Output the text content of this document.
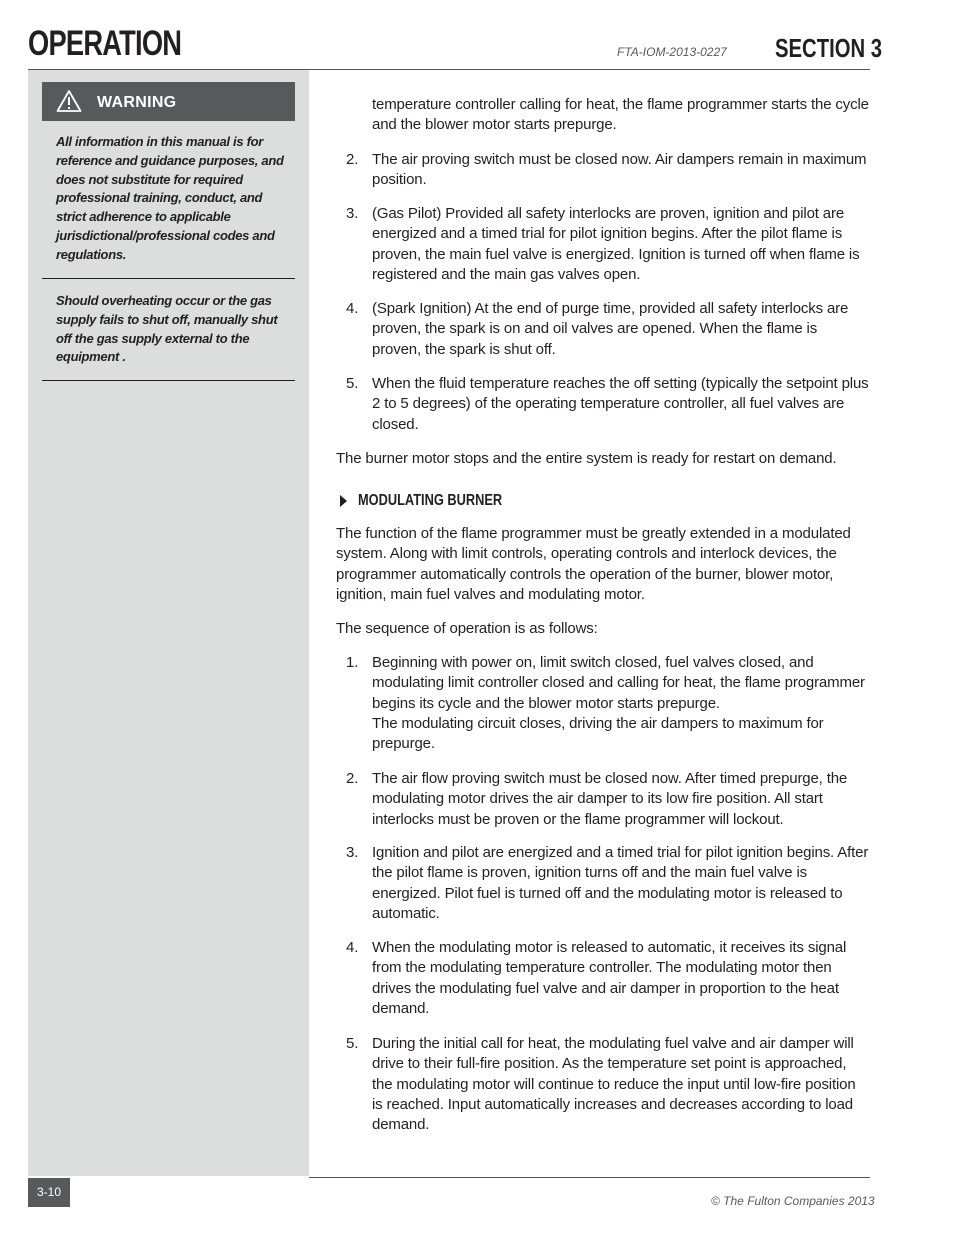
OPERATION	FTA-IOM-2013-0227 SECTION 3
WARNING
All information in this manual is for reference and guidance purposes, and does not substitute for required professional training, conduct, and strict adherence to applicable jurisdictional/professional codes and regulations.
Should overheating occur or the gas supply fails to shut off, manually shut off the gas supply external to the equipment .
temperature controller calling for heat, the flame programmer starts the cycle and the blower motor starts prepurge.
2. The air proving switch must be closed now. Air dampers remain in maximum position.
3. (Gas Pilot) Provided all safety interlocks are proven, ignition and pilot are energized and a timed trial for pilot ignition begins. After the pilot flame is proven, the main fuel valve is energized. Ignition is turned off when flame is registered and the main gas valves open.
4. (Spark Ignition) At the end of purge time, provided all safety interlocks are proven, the spark is on and oil valves are opened. When the flame is proven, the spark is shut off.
5. When the fluid temperature reaches the off setting (typically the setpoint plus 2 to 5 degrees) of the operating temperature controller, all fuel valves are closed.
The burner motor stops and the entire system is ready for restart on demand.
MODULATING BURNER
The function of the flame programmer must be greatly extended in a modulated system. Along with limit controls, operating controls and interlock devices, the programmer automatically controls the operation of the burner, blower motor, ignition, main fuel valves and modulating motor.
The sequence of operation is as follows:
1. Beginning with power on, limit switch closed, fuel valves closed, and modulating limit controller closed and calling for heat, the flame programmer begins its cycle and the blower motor starts prepurge.
The modulating circuit closes, driving the air dampers to maximum for prepurge.
2. The air flow proving switch must be closed now. After timed prepurge, the modulating motor drives the air damper to its low fire position. All start interlocks must be proven or the flame programmer will lockout.
3. Ignition and pilot are energized and a timed trial for pilot ignition begins. After the pilot flame is proven, ignition turns off and the main fuel valve is energized. Pilot fuel is turned off and the modulating motor is released to automatic.
4. When the modulating motor is released to automatic, it receives its signal from the modulating temperature controller. The modulating motor then drives the modulating fuel valve and air damper in proportion to the heat demand.
5. During the initial call for heat, the modulating fuel valve and air damper will drive to their full-fire position. As the temperature set point is approached, the modulating motor will continue to reduce the input until low-fire position is reached. Input automatically increases and decreases according to load demand.
3-10
© The Fulton Companies 2013
